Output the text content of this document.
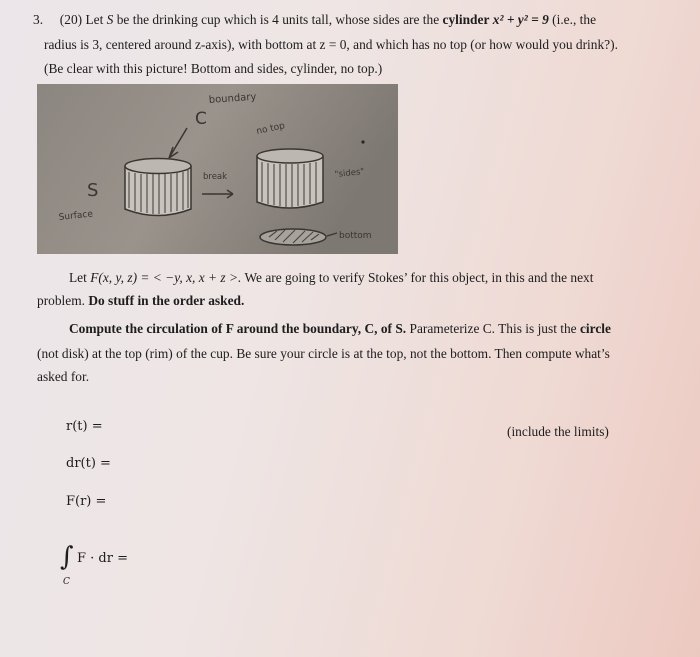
3. (20) Let S be the drinking cup which is 4 units tall, whose sides are the cylinder x² + y² = 9 (i.e., the
radius is 3, centered around z-axis), with bottom at z = 0, and which has no top (or how would you drink?).
(Be clear with this picture! Bottom and sides, cylinder, no top.)
boundary
C
no top
S
Surface
break	"sides"
bottom
Let F(x, y, z) = < −y, x, x + z >. We are going to verify Stokes’ for this object, in this and the next
problem. Do stuff in the order asked.
Compute the circulation of F around the boundary, C, of S. Parameterize C. This is just the circle
(not disk) at the top (rim) of the cup. Be sure your circle is at the top, not the bottom. Then compute what’s
asked for.
r(t) =	(include the limits)
dr(t) =
F(r) =
∫ F · dr =
C
